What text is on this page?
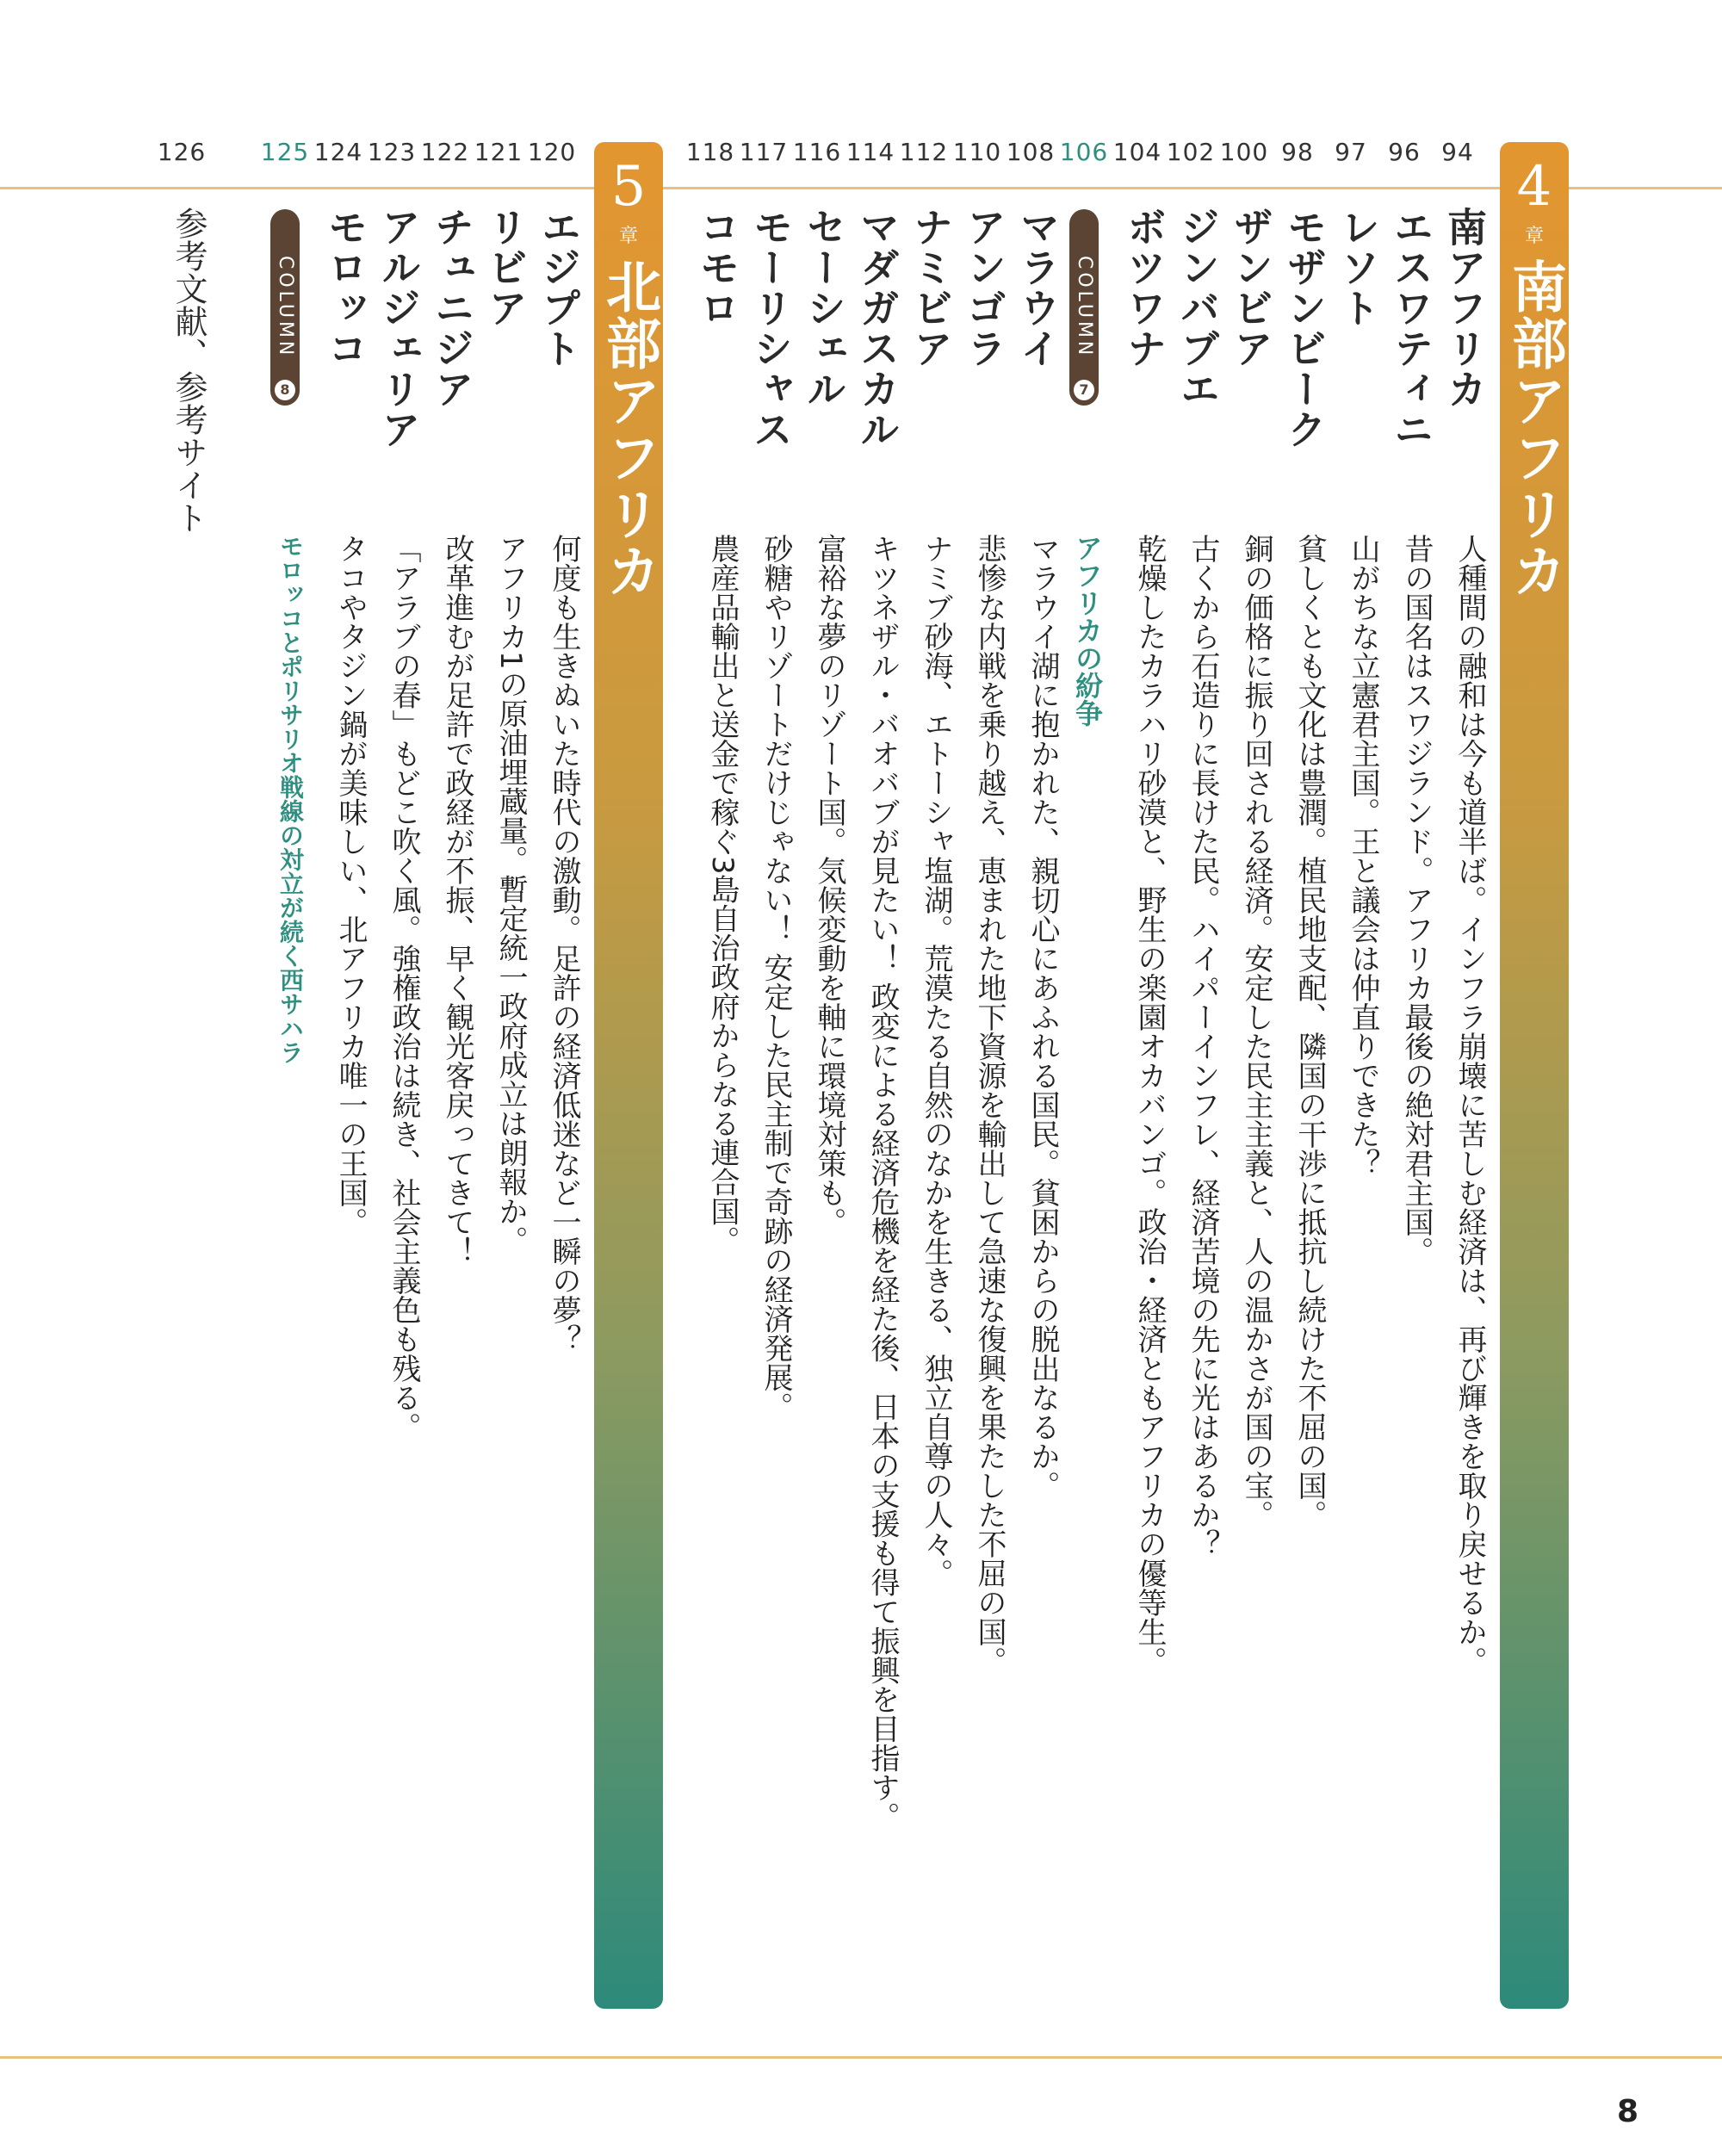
126 125 124 123 122 121 120	118 117 116 114 112 110 108 106 104 102 100 98 97 96 94
4
章
南部アフリカ
5
章
北部アフリカ	南アフリカ
人種間の融和は今も道半ば。インフラ崩壊に苦しむ経済は、再び輝きを取り戻せるか。
エスワティニ
昔の国名はスワジランド。アフリカ最後の絶対君主国。
レソト
山がちな立憲君主国。王と議会は仲直りできた？
モザンビーク
貧しくとも文化は豊潤。植民地支配、隣国の干渉に抵抗し続けた不屈の国。
ザンビア
銅の価格に振り回される経済。安定した民主主義と、人の温かさが国の宝。
ジンバブエ
古くから石造りに長けた民。ハイパーインフレ、経済苦境の先に光はあるか？
ボツワナ
乾燥したカラハリ砂漠と、野生の楽園オカバンゴ。政治・経済ともアフリカの優等生。
COLUMN
7
アフリカの紛争
マラウイ
マラウイ湖に抱かれた、親切心にあふれる国民。貧困からの脱出なるか。
アンゴラ
悲惨な内戦を乗り越え、恵まれた地下資源を輸出して急速な復興を果たした不屈の国。
ナミビア
ナミブ砂海、エトーシャ塩湖。荒漠たる自然のなかを生きる、独立自尊の人々。
マダガスカル
キツネザル・バオバブが見たい！ 政変による経済危機を経た後、日本の支援も得て振興を目指す。
セーシェル
富裕な夢のリゾート国。気候変動を軸に環境対策も。
モーリシャス
砂糖やリゾートだけじゃない！ 安定した民主制で奇跡の経済発展。
コモロ
農産品輸出と送金で稼ぐ3島自治政府からなる連合国。
エジプト
何度も生きぬいた時代の激動。足許の経済低迷など一瞬の夢？
リビア
アフリカ1の原油埋蔵量。暫定統一政府成立は朗報か。
チュニジア
改革進むが足許で政経が不振、早く観光客戻ってきて！
アルジェリア
「アラブの春」もどこ吹く風。強権政治は続き、社会主義色も残る。
モロッコ
タコやタジン鍋が美味しい、北アフリカ唯一の王国。
COLUMN
8
モロッコとポリサリオ戦線の対立が続く西サハラ
参考文献、参考サイト
8
